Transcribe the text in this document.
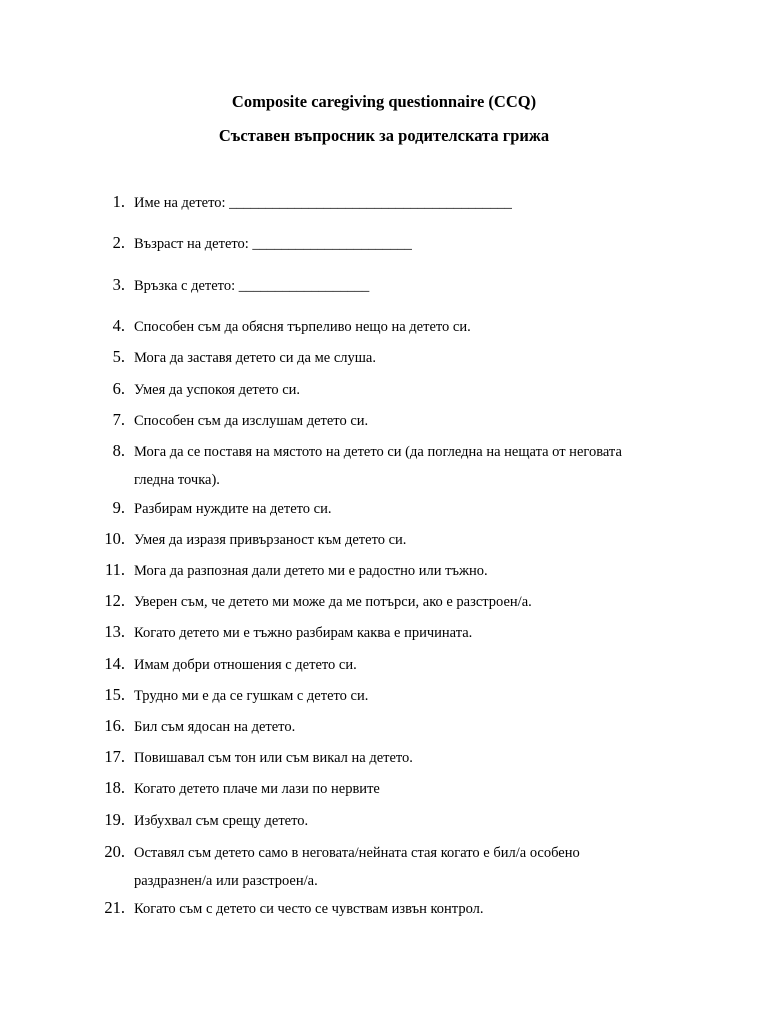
Composite caregiving questionnaire (CCQ)
Съставен въпросник за родителската грижа
1. Име на детето: _______________________________________
2. Възраст на детето: ______________________
3. Връзка с детето: __________________
4. Способен съм да обясня търпеливо нещо на детето си.
5. Мога да заставя детето си да ме слуша.
6. Умея да успокоя детето си.
7. Способен съм да изслушам детето си.
8. Мога да се поставя на мястото на детето си (да погледна на нещата от неговата гледна точка).
9. Разбирам нуждите на детето си.
10. Умея да изразя привързаност към детето си.
11. Мога да разпозная дали детето ми е радостно или тъжно.
12. Уверен съм, че детето ми може да ме потърси, ако е разстроен/а.
13. Когато детето ми е тъжно разбирам каква е причината.
14. Имам добри отношения с детето си.
15. Трудно ми е да се гушкам с детето си.
16. Бил съм ядосан на детето.
17. Повишавал съм тон или съм викал на детето.
18. Когато детето плаче ми лази по нервите
19. Избухвал съм срещу детето.
20. Оставял съм детето само в неговата/нейната стая когато е бил/а особено раздразнен/а или разстроен/а.
21. Когато съм с детето си често се чувствам извън контрол.
